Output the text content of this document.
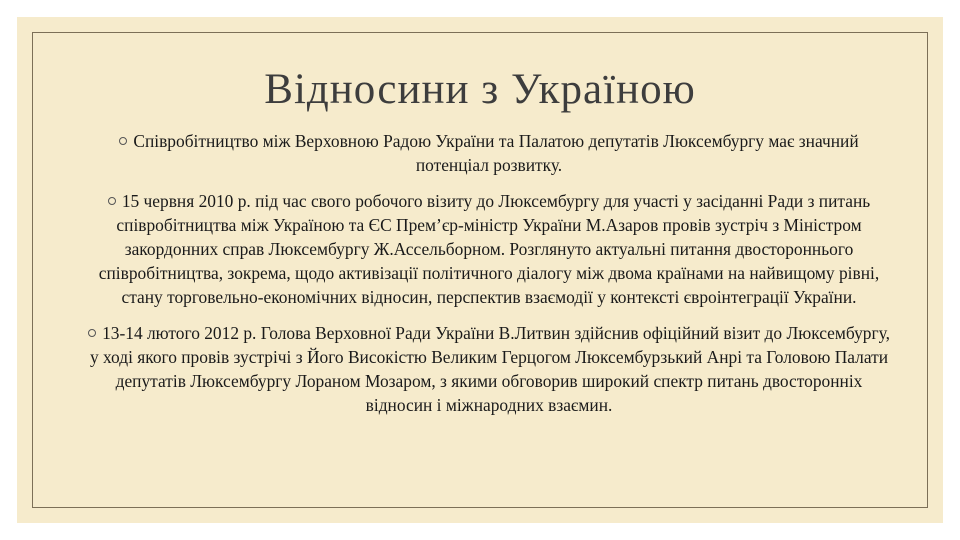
Відносини з Україною
Співробітництво між Верховною Радою України та Палатою депутатів Люксембургу має значний потенціал розвитку.
15 червня 2010 р. під час свого робочого візиту до Люксембургу для участі у засіданні Ради з питань співробітництва між Україною та ЄС Прем’єр-міністр України М.Азаров провів зустріч з Міністром закордонних справ Люксембургу Ж.Ассельборном. Розглянуто актуальні питання двостороннього співробітництва, зокрема, щодо активізації політичного діалогу між двома країнами на найвищому рівні, стану торговельно-економічних відносин, перспектив взаємодії у контексті євроінтеграції України.
13-14 лютого 2012 р. Голова Верховної Ради України В.Литвин здійснив офіційний візит до Люксембургу, у ході якого провів зустрічі з Його Високістю Великим Герцогом Люксембурзький Анрі та Головою Палати депутатів Люксембургу Лораном Мозаром, з якими обговорив широкий спектр питань двосторонніх відносин і міжнародних взаємин.
